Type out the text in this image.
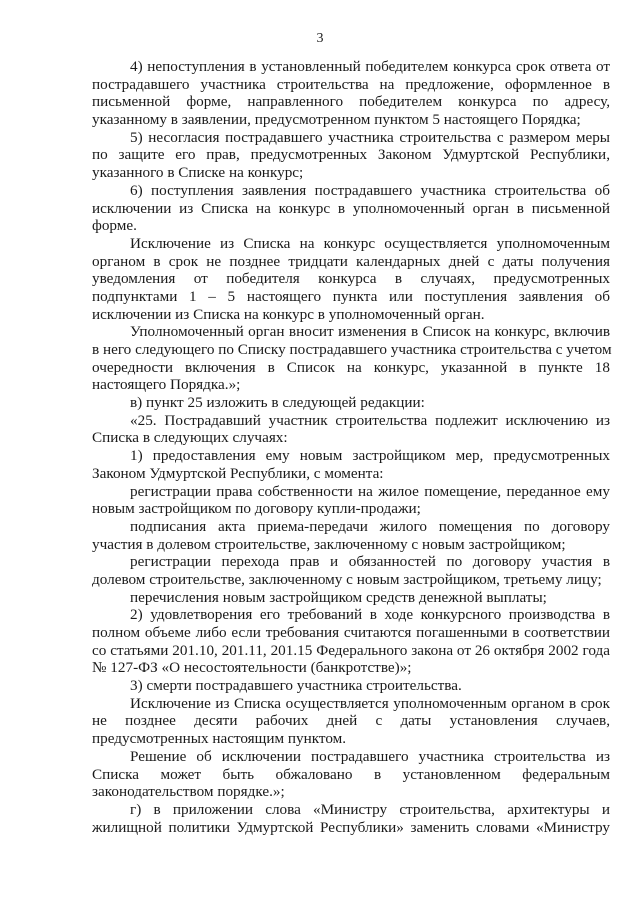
3
4) непоступления в установленный победителем конкурса срок ответа от
пострадавшего участника строительства на предложение, оформленное в
письменной форме, направленного победителем конкурса по адресу,
указанному в заявлении, предусмотренном пунктом 5 настоящего Порядка;
5) несогласия пострадавшего участника строительства с размером меры
по защите его прав, предусмотренных Законом Удмуртской Республики,
указанного в Списке на конкурс;
6) поступления заявления пострадавшего участника строительства об
исключении из Списка на конкурс в уполномоченный орган в письменной
форме.
Исключение из Списка на конкурс осуществляется уполномоченным
органом в срок не позднее тридцати календарных дней с даты получения
уведомления от победителя конкурса в случаях, предусмотренных
подпунктами 1 – 5 настоящего пункта или поступления заявления об
исключении из Списка на конкурс в уполномоченный орган.
Уполномоченный орган вносит изменения в Список на конкурс, включив
в него следующего по Списку пострадавшего участника строительства с учетом
очередности включения в Список на конкурс, указанной в пункте 18
настоящего Порядка.»;
в) пункт 25 изложить в следующей редакции:
«25. Пострадавший участник строительства подлежит исключению из
Списка в следующих случаях:
1) предоставления ему новым застройщиком мер, предусмотренных
Законом Удмуртской Республики, с момента:
регистрации права собственности на жилое помещение, переданное ему
новым застройщиком по договору купли-продажи;
подписания акта приема-передачи жилого помещения по договору
участия в долевом строительстве, заключенному с новым застройщиком;
регистрации перехода прав и обязанностей по договору участия в
долевом строительстве, заключенному с новым застройщиком, третьему лицу;
перечисления новым застройщиком средств денежной выплаты;
2) удовлетворения его требований в ходе конкурсного производства в
полном объеме либо если требования считаются погашенными в соответствии
со статьями 201.10, 201.11, 201.15 Федерального закона от 26 октября 2002 года
№ 127-ФЗ «О несостоятельности (банкротстве)»;
3) смерти пострадавшего участника строительства.
Исключение из Списка осуществляется уполномоченным органом в срок
не позднее десяти рабочих дней с даты установления случаев,
предусмотренных настоящим пунктом.
Решение об исключении пострадавшего участника строительства из
Списка может быть обжаловано в установленном федеральным
законодательством порядке.»;
г) в приложении слова «Министру строительства, архитектуры и
жилищной политики Удмуртской Республики» заменить словами «Министру
